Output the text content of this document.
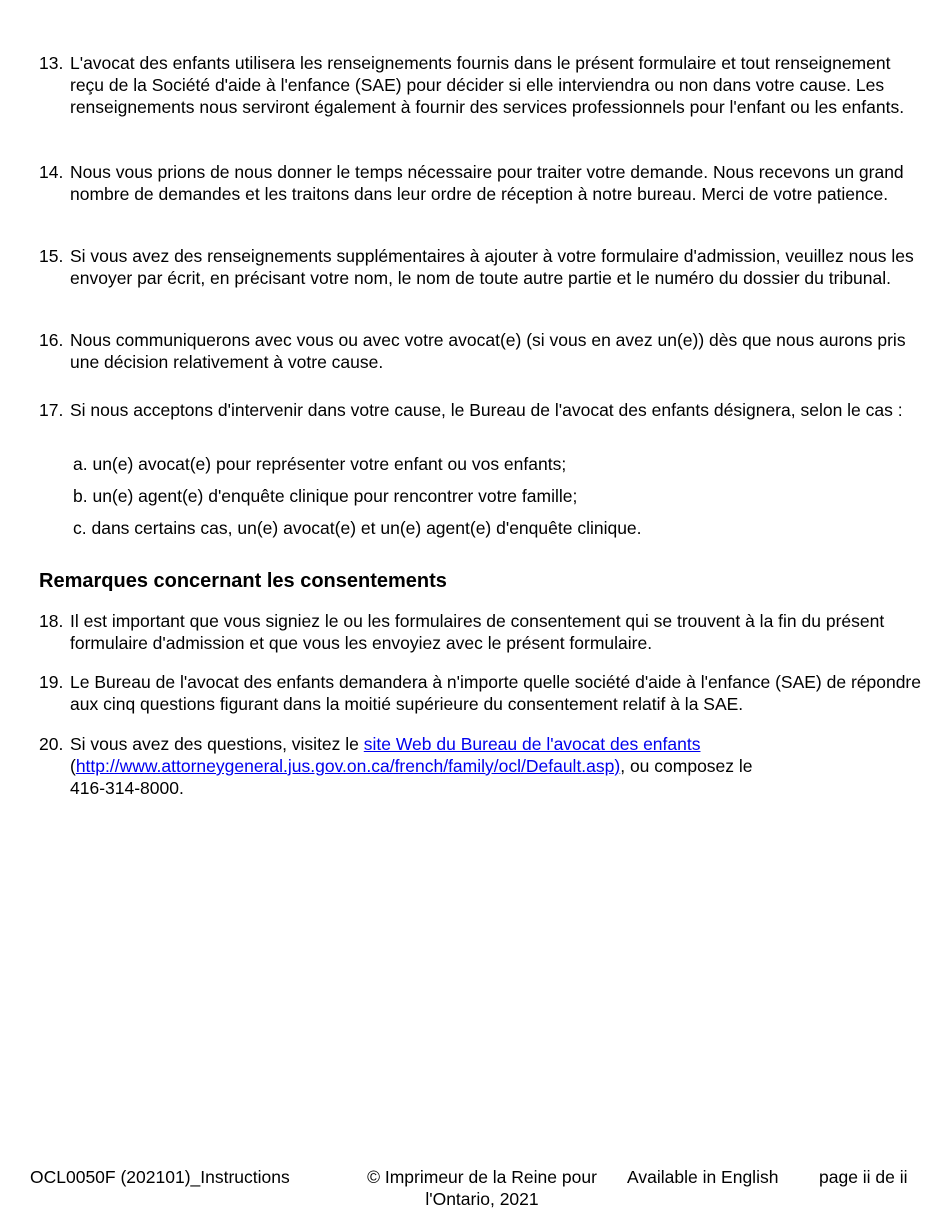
13. L'avocat des enfants utilisera les renseignements fournis dans le présent formulaire et tout renseignement reçu de la Société d'aide à l'enfance (SAE) pour décider si elle interviendra ou non dans votre cause. Les renseignements nous serviront également à fournir des services professionnels pour l'enfant ou les enfants.
14. Nous vous prions de nous donner le temps nécessaire pour traiter votre demande. Nous recevons un grand nombre de demandes et les traitons dans leur ordre de réception à notre bureau. Merci de votre patience.
15. Si vous avez des renseignements supplémentaires à ajouter à votre formulaire d'admission, veuillez nous les envoyer par écrit, en précisant votre nom, le nom de toute autre partie et le numéro du dossier du tribunal.
16. Nous communiquerons avec vous ou avec votre avocat(e) (si vous en avez un(e)) dès que nous aurons pris une décision relativement à votre cause.
17. Si nous acceptons d'intervenir dans votre cause, le Bureau de l'avocat des enfants désignera, selon le cas :
a. un(e) avocat(e) pour représenter votre enfant ou vos enfants;
b. un(e) agent(e) d'enquête clinique pour rencontrer votre famille;
c. dans certains cas, un(e) avocat(e) et un(e) agent(e) d'enquête clinique.
Remarques concernant les consentements
18. Il est important que vous signiez le ou les formulaires de consentement qui se trouvent à la fin du présent formulaire d'admission et que vous les envoyiez avec le présent formulaire.
19. Le Bureau de l'avocat des enfants demandera à n'importe quelle société d'aide à l'enfance (SAE) de répondre aux cinq questions figurant dans la moitié supérieure du consentement relatif à la SAE.
20. Si vous avez des questions, visitez le site Web du Bureau de l'avocat des enfants
(http://www.attorneygeneral.jus.gov.on.ca/french/family/ocl/Default.asp), ou composez le
416-314-8000.
OCL0050F (202101)_Instructions	© Imprimeur de la Reine pour
l'Ontario, 2021
Available in English page ii de ii
